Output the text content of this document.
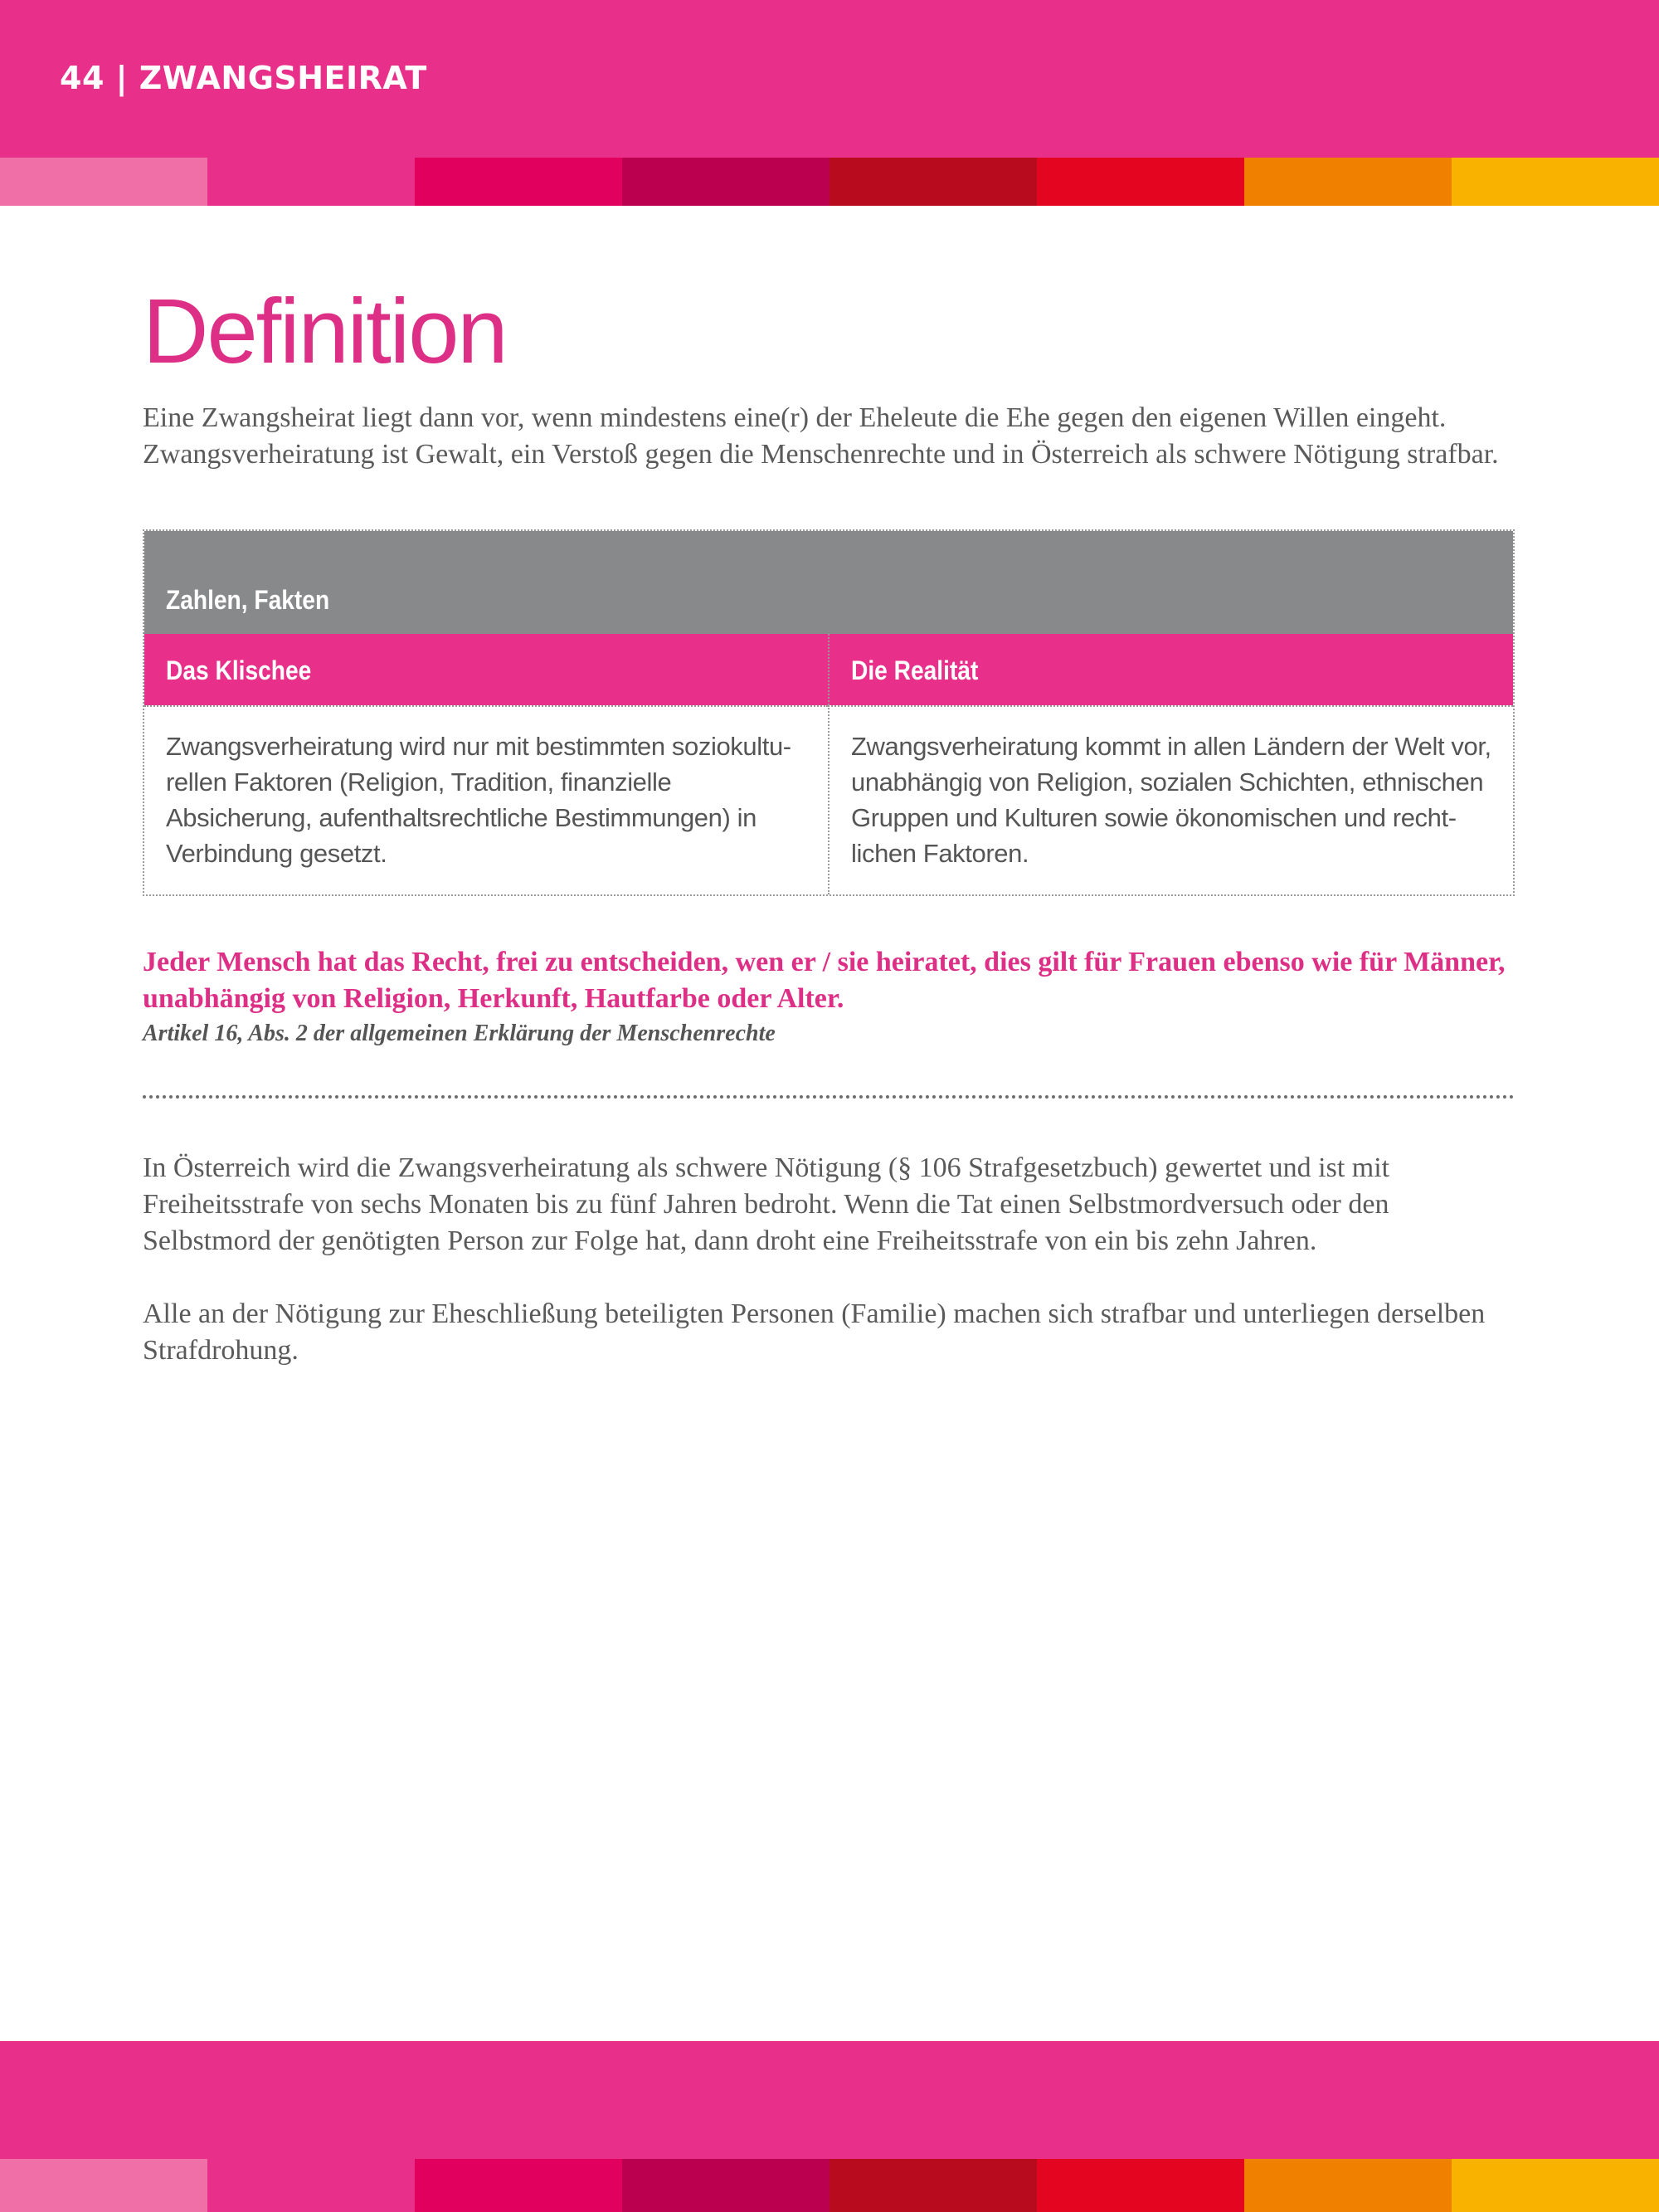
44 | ZWANGSHEIRAT
Definition

Eine Zwangsheirat liegt dann vor, wenn mindestens eine(r) der Eheleute die Ehe gegen den eigenen Willen eingeht. Zwangsverheiratung ist Gewalt, ein Verstoß gegen die Menschenrechte und in Österreich als schwere Nötigung strafbar.

Zahlen, Fakten
Das Klischee	Die Realität
Zwangsverheiratung wird nur mit bestimmten soziokultu-rellen Faktoren (Religion, Tradition, finanzielle Absicherung, aufenthaltsrechtliche Bestimmungen) in Verbindung gesetzt.
Zwangsverheiratung kommt in allen Ländern der Welt vor, unabhängig von Religion, sozialen Schichten, ethnischen Gruppen und Kulturen sowie ökonomischen und recht-lichen Faktoren.
Jeder Mensch hat das Recht, frei zu entscheiden, wen er / sie heiratet, dies gilt für Frauen ebenso wie für Männer, unabhängig von Religion, Herkunft, Hautfarbe oder Alter.
Artikel 16, Abs. 2 der allgemeinen Erklärung der Menschenrechte

In Österreich wird die Zwangsverheiratung als schwere Nötigung (§ 106 Strafgesetzbuch) gewertet und ist mit Freiheitsstrafe von sechs Monaten bis zu fünf Jahren bedroht. Wenn die Tat einen Selbstmordversuch oder den Selbstmord der genötigten Person zur Folge hat, dann droht eine Freiheitsstrafe von ein bis zehn Jahren.

Alle an der Nötigung zur Eheschließung beteiligten Personen (Familie) machen sich strafbar und unterliegen derselben Strafdrohung.
